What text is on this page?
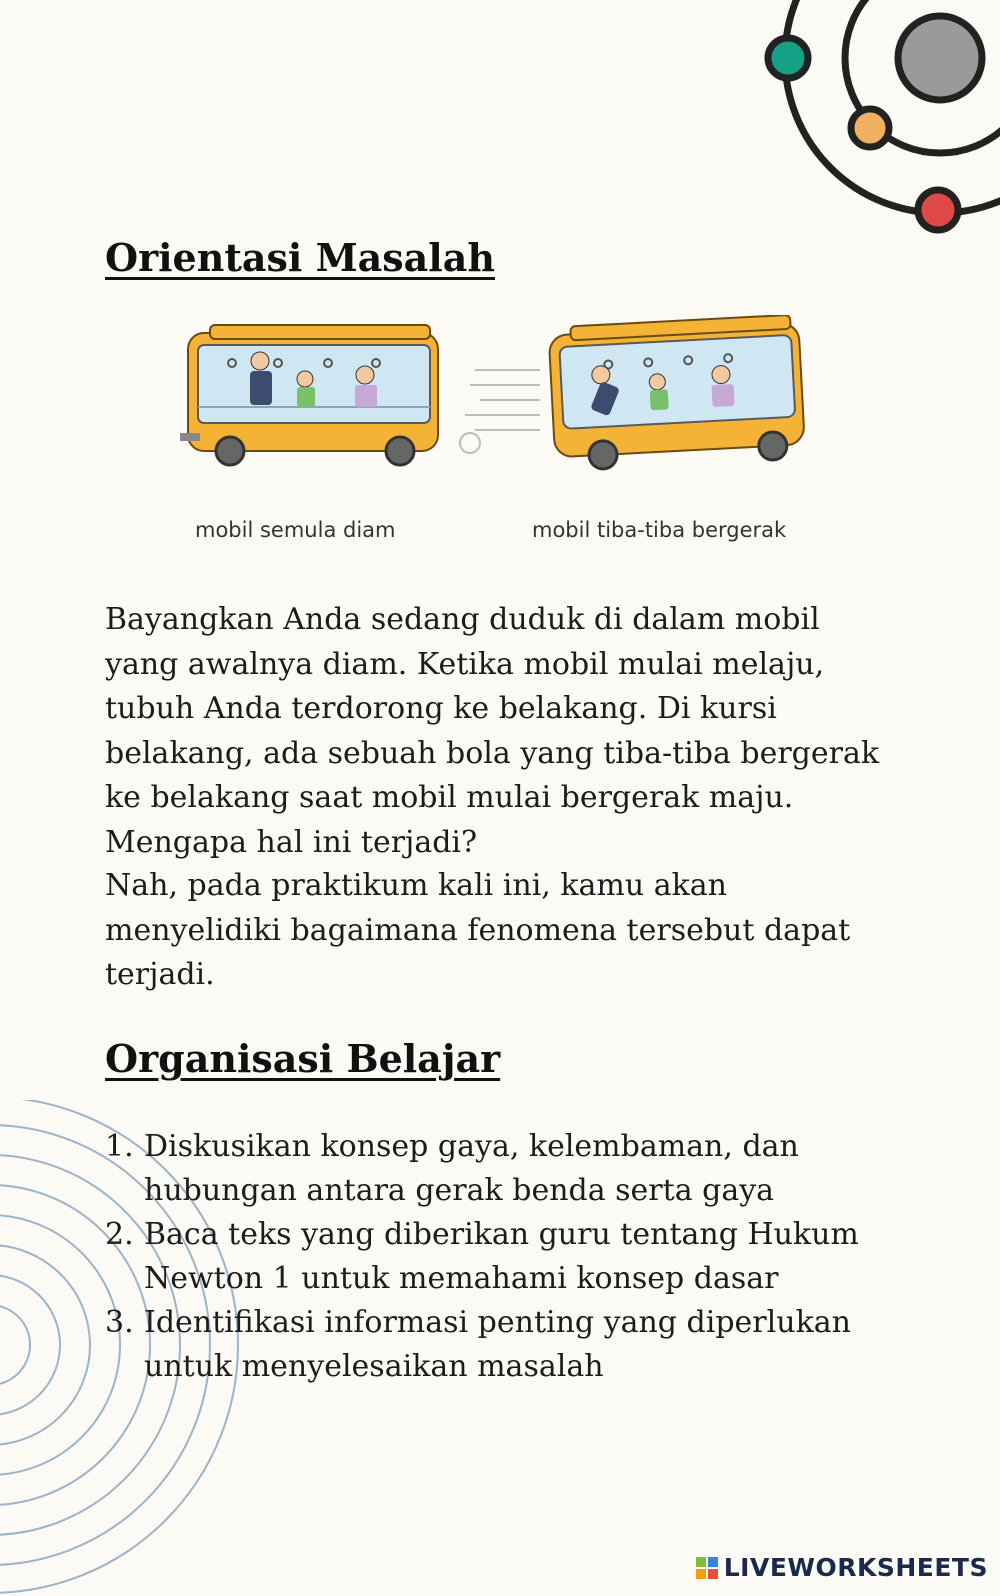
Orientasi Masalah
mobil semula diam	mobil tiba-tiba bergerak

Bayangkan Anda sedang duduk di dalam mobil yang awalnya diam. Ketika mobil mulai melaju, tubuh Anda terdorong ke belakang. Di kursi belakang, ada sebuah bola yang tiba-tiba bergerak ke belakang saat mobil mulai bergerak maju. Mengapa hal ini terjadi?

Nah, pada praktikum kali ini, kamu akan menyelidiki bagaimana fenomena tersebut dapat terjadi.

Organisasi Belajar
1. Diskusikan konsep gaya, kelembaman, dan hubungan antara gerak benda serta gaya
2. Baca teks yang diberikan guru tentang Hukum Newton 1 untuk memahami konsep dasar
3. Identifikasi informasi penting yang diperlukan untuk menyelesaikan masalah
LIVEWORKSHEETS
